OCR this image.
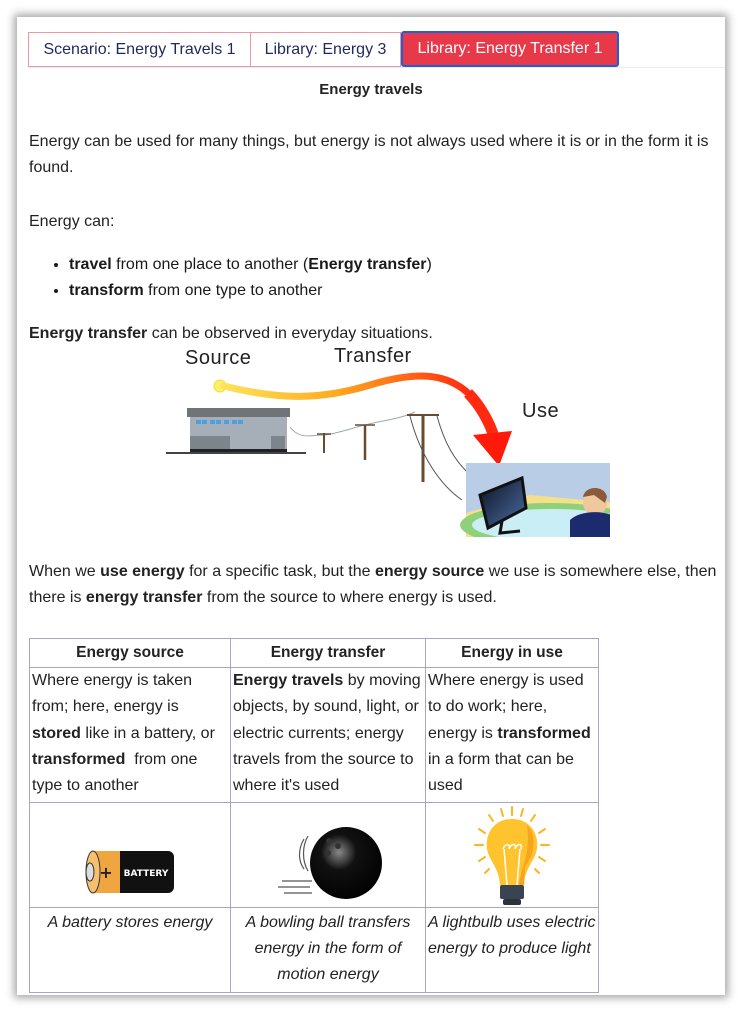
Scenario: Energy Travels 1	Library: Energy 3	Library: Energy Transfer 1
Energy travels
Energy can be used for many things, but energy is not always used where it is or in the form it is found.
Energy can:
• travel from one place to another (Energy transfer)
• transform from one type to another
Energy transfer can be observed in everyday situations.
Source	Transfer
Use
When we use energy for a specific task, but the energy source we use is somewhere else, then there is energy transfer from the source to where energy is used.
Energy source	Energy transfer	Energy in use
Where energy is taken from; here, energy is stored like in a battery, or transformed  from one type to another	Energy travels by moving objects, by sound, light, or electric currents; energy travels from the source to where it's used	Where energy is used to do work; here, energy is transformed in a form that can be used

+ BATTERY

A battery stores energy	A bowling ball transfers energy in the form of motion energy	A lightbulb uses electric energy to produce light
